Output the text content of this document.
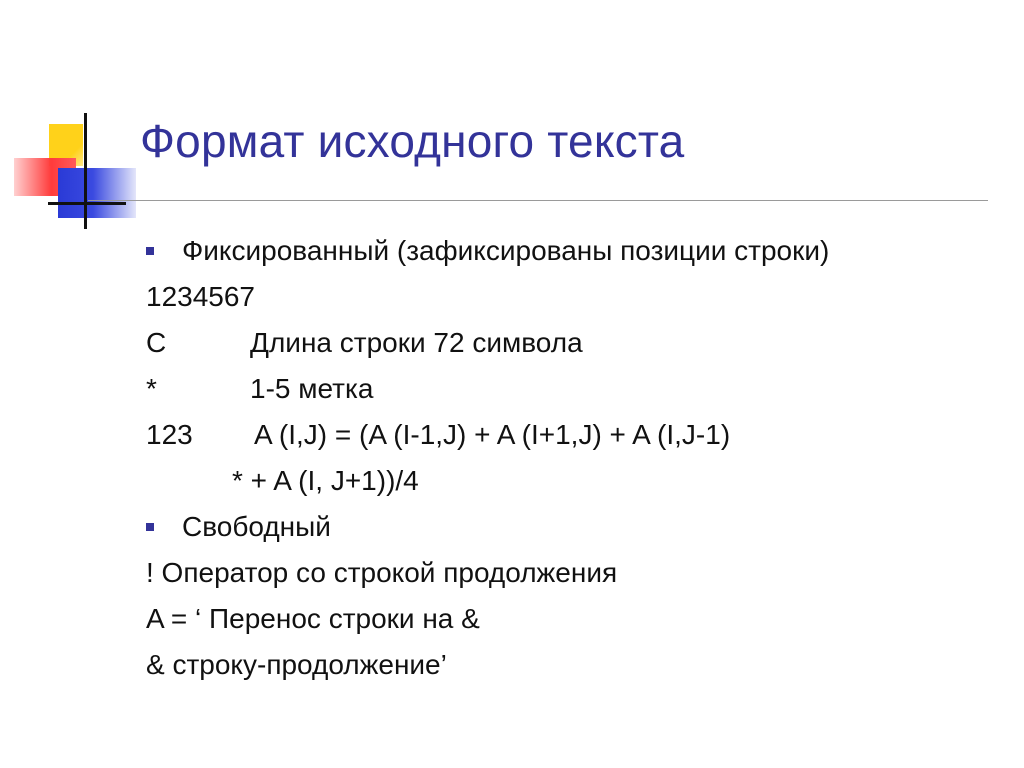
Формат исходного текста
Фиксированный (зафиксированы позиции строки)
1234567
C	Длина строки 72 символа
*	1-5 метка
123 A (I,J) = (A (I-1,J) + A (I+1,J) + A (I,J-1)
* + A (I, J+1))/4
Свободный
! Оператор со строкой продолжения
A = ‘ Перенос строки на &
& строку-продолжение’
